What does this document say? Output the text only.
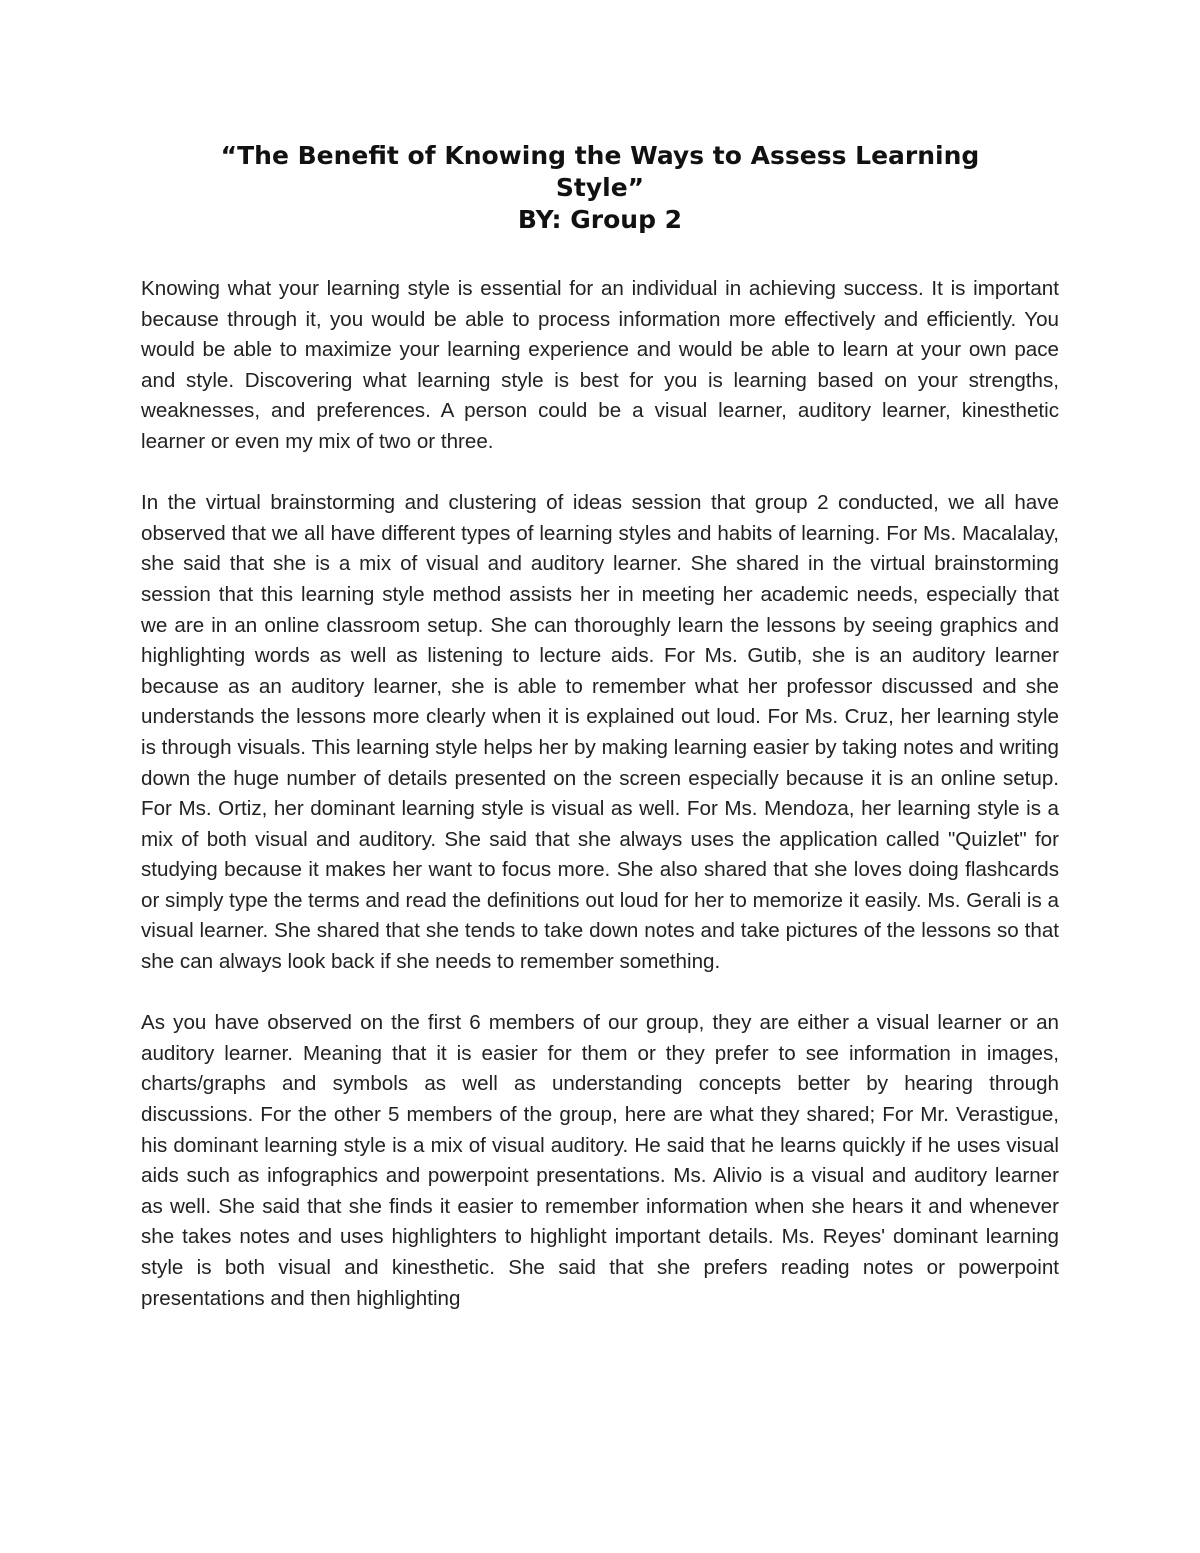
“The Benefit of Knowing the Ways to Assess Learning
Style”
BY: Group 2

Knowing what your learning style is essential for an individual in achieving success. It is important because through it, you would be able to process information more effectively and efficiently. You would be able to maximize your learning experience and would be able to learn at your own pace and style. Discovering what learning style is best for you is learning based on your strengths, weaknesses, and preferences. A person could be a visual learner, auditory learner, kinesthetic learner or even my mix of two or three.

In the virtual brainstorming and clustering of ideas session that group 2 conducted, we all have observed that we all have different types of learning styles and habits of learning. For Ms. Macalalay, she said that she is a mix of visual and auditory learner. She shared in the virtual brainstorming session that this learning style method assists her in meeting her academic needs, especially that we are in an online classroom setup. She can thoroughly learn the lessons by seeing graphics and highlighting words as well as listening to lecture aids. For Ms. Gutib, she is an auditory learner because as an auditory learner, she is able to remember what her professor discussed and she understands the lessons more clearly when it is explained out loud. For Ms. Cruz, her learning style is through visuals. This learning style helps her by making learning easier by taking notes and writing down the huge number of details presented on the screen especially because it is an online setup. For Ms. Ortiz, her dominant learning style is visual as well. For Ms. Mendoza, her learning style is a mix of both visual and auditory. She said that she always uses the application called "Quizlet" for studying because it makes her want to focus more. She also shared that she loves doing flashcards or simply type the terms and read the definitions out loud for her to memorize it easily. Ms. Gerali is a visual learner. She shared that she tends to take down notes and take pictures of the lessons so that she can always look back if she needs to remember something.

As you have observed on the first 6 members of our group, they are either a visual learner or an auditory learner. Meaning that it is easier for them or they prefer to see information in images, charts/graphs and symbols as well as understanding concepts better by hearing through discussions. For the other 5 members of the group, here are what they shared; For Mr. Verastigue, his dominant learning style is a mix of visual auditory. He said that he learns quickly if he uses visual aids such as infographics and powerpoint presentations. Ms. Alivio is a visual and auditory learner as well. She said that she finds it easier to remember information when she hears it and whenever she takes notes and uses highlighters to highlight important details. Ms. Reyes' dominant learning style is both visual and kinesthetic. She said that she prefers reading notes or powerpoint presentations and then highlighting
